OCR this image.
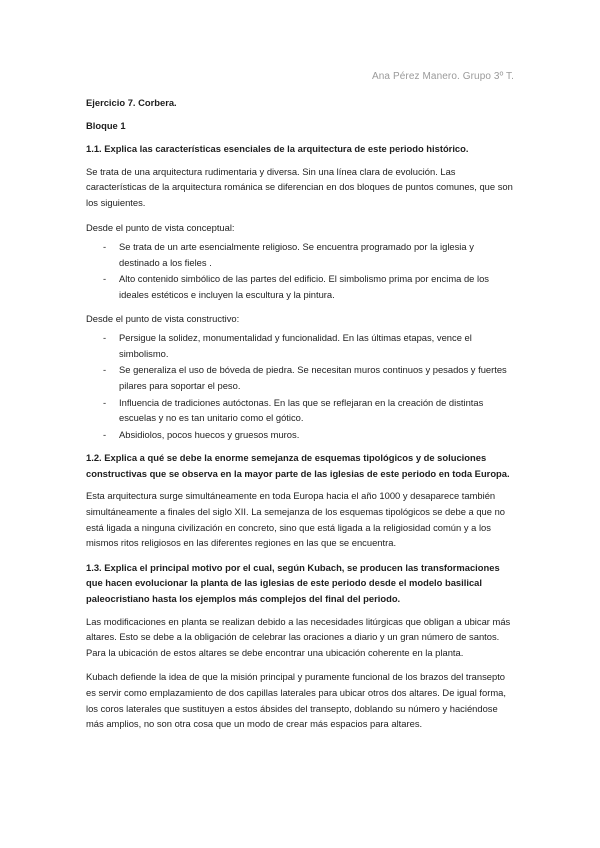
Ana Pérez Manero. Grupo 3º T.

Ejercicio 7. Corbera.

Bloque 1

1.1. Explica las características esenciales de la arquitectura de este periodo histórico.

Se trata de una arquitectura rudimentaria y diversa. Sin una línea clara de evolución. Las características de la arquitectura románica se diferencian en dos bloques de puntos comunes, que son los siguientes.

Desde el punto de vista conceptual:

- Se trata de un arte esencialmente religioso. Se encuentra programado por la iglesia y destinado a los fieles .
- Alto contenido simbólico de las partes del edificio. El simbolismo prima por encima de los ideales estéticos e incluyen la escultura y la pintura.

Desde el punto de vista constructivo:

- Persigue la solidez, monumentalidad y funcionalidad. En las últimas etapas, vence el simbolismo.
- Se generaliza el uso de bóveda de piedra. Se necesitan muros continuos y pesados y fuertes pilares para soportar el peso.
- Influencia de tradiciones autóctonas. En las que se reflejaran en la creación de distintas escuelas y no es tan unitario como el gótico.
- Absidiolos, pocos huecos y gruesos muros.

1.2. Explica a qué se debe la enorme semejanza de esquemas tipológicos y de soluciones constructivas que se observa en la mayor parte de las iglesias de este periodo en toda Europa.

Esta arquitectura surge simultáneamente en toda Europa hacia el año 1000 y desaparece también simultáneamente a finales del siglo XII. La semejanza de los esquemas tipológicos se debe a que no está ligada a ninguna civilización en concreto, sino que está ligada a la religiosidad común y a los mismos ritos religiosos en las diferentes regiones en las que se encuentra.

1.3. Explica el principal motivo por el cual, según Kubach, se producen las transformaciones que hacen evolucionar la planta de las iglesias de este periodo desde el modelo basilical paleocristiano hasta los ejemplos más complejos del final del periodo.

Las modificaciones en planta se realizan debido a las necesidades litúrgicas que obligan a ubicar más altares. Esto se debe a la obligación de celebrar las oraciones a diario y un gran número de santos. Para la ubicación de estos altares se debe encontrar una ubicación coherente en la planta.

Kubach defiende la idea de que la misión principal y puramente funcional de los brazos del transepto es servir como emplazamiento de dos capillas laterales para ubicar otros dos altares. De igual forma, los coros laterales que sustituyen a estos ábsides del transepto, doblando su número y haciéndose más amplios, no son otra cosa que un modo de crear más espacios para altares.
